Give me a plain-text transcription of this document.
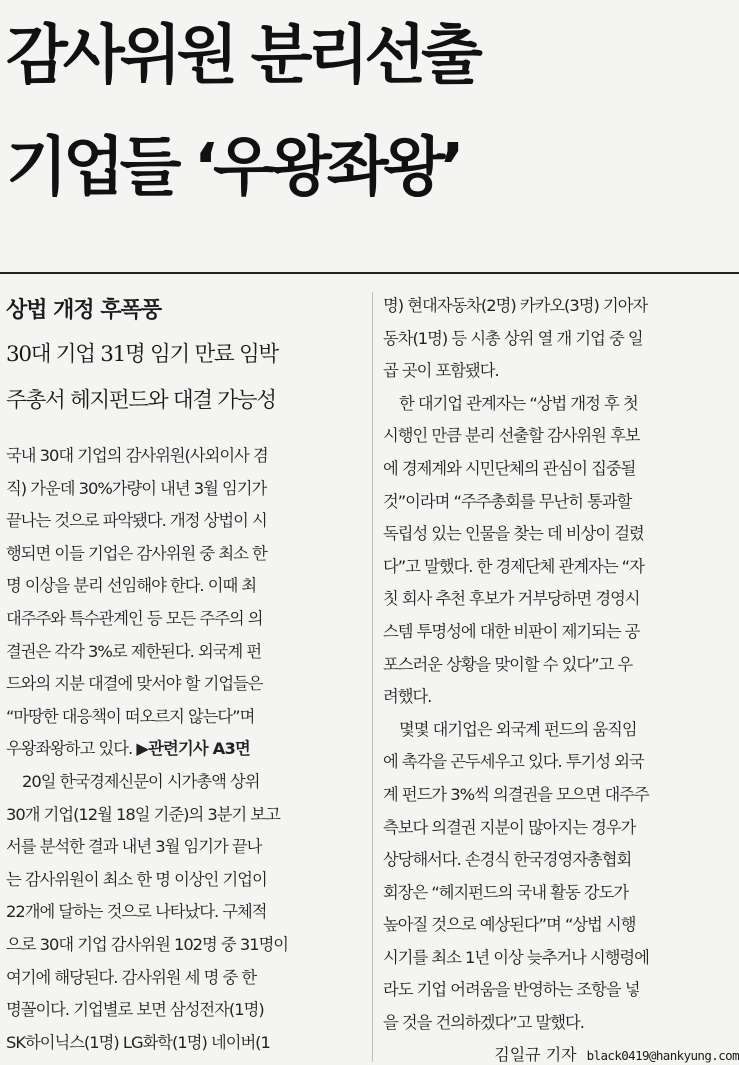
감사위원 분리선출
기업들 ‘우왕좌왕’
상법 개정 후폭풍
30대 기업 31명 임기 만료 임박
주총서 헤지펀드와 대결 가능성
국내 30대 기업의 감사위원(사외이사 겸
직) 가운데 30%가량이 내년 3월 임기가
끝나는 것으로 파악됐다. 개정 상법이 시
행되면 이들 기업은 감사위원 중 최소 한
명 이상을 분리 선임해야 한다. 이때 최
대주주와 특수관계인 등 모든 주주의 의
결권은 각각 3%로 제한된다. 외국계 펀
드와의 지분 대결에 맞서야 할 기업들은
“마땅한 대응책이 떠오르지 않는다”며
우왕좌왕하고 있다. ▶관련기사 A3면
20일 한국경제신문이 시가총액 상위
30개 기업(12월 18일 기준)의 3분기 보고
서를 분석한 결과 내년 3월 임기가 끝나
는 감사위원이 최소 한 명 이상인 기업이
22개에 달하는 것으로 나타났다. 구체적
으로 30대 기업 감사위원 102명 중 31명이
여기에 해당된다. 감사위원 세 명 중 한
명꼴이다. 기업별로 보면 삼성전자(1명)
SK하이닉스(1명) LG화학(1명) 네이버(1
명) 현대자동차(2명) 카카오(3명) 기아자
동차(1명) 등 시총 상위 열 개 기업 중 일
곱 곳이 포함됐다.
한 대기업 관계자는 “상법 개정 후 첫
시행인 만큼 분리 선출할 감사위원 후보
에 경제계와 시민단체의 관심이 집중될
것”이라며 “주주총회를 무난히 통과할
독립성 있는 인물을 찾는 데 비상이 걸렸
다”고 말했다. 한 경제단체 관계자는 “자
칫 회사 추천 후보가 거부당하면 경영시
스템 투명성에 대한 비판이 제기되는 공
포스러운 상황을 맞이할 수 있다”고 우
려했다.
몇몇 대기업은 외국계 펀드의 움직임
에 촉각을 곤두세우고 있다. 투기성 외국
계 펀드가 3%씩 의결권을 모으면 대주주
측보다 의결권 지분이 많아지는 경우가
상당해서다. 손경식 한국경영자총협회
회장은 “헤지펀드의 국내 활동 강도가
높아질 것으로 예상된다”며 “상법 시행
시기를 최소 1년 이상 늦추거나 시행령에
라도 기업 어려움을 반영하는 조항을 넣
을 것을 건의하겠다”고 말했다.
김일규 기자 black0419@hankyung.com
